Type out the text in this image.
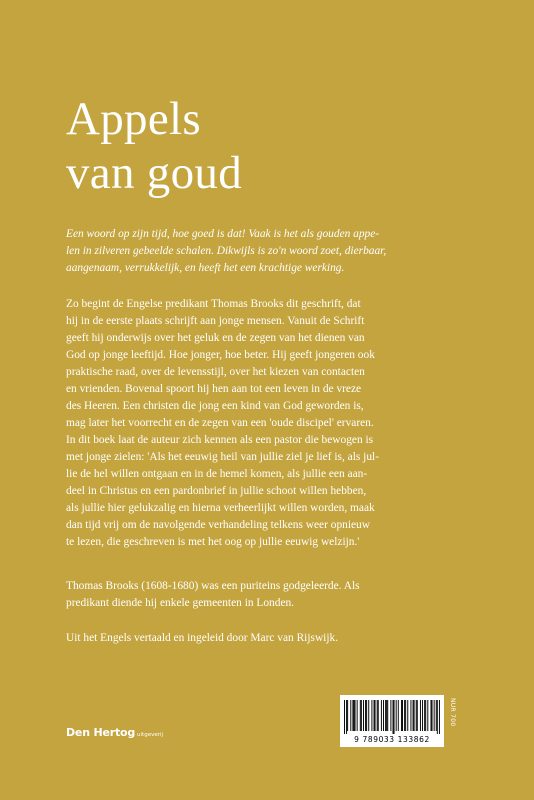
Appels
van goud
Een woord op zijn tijd, hoe goed is dat! Vaak is het als gouden appe-
len in zilveren gebeelde schalen. Dikwijls is zo'n woord zoet, dierbaar,
aangenaam, verrukkelijk, en heeft het een krachtige werking.
Zo begint de Engelse predikant Thomas Brooks dit geschrift, dat
hij in de eerste plaats schrijft aan jonge mensen. Vanuit de Schrift
geeft hij onderwijs over het geluk en de zegen van het dienen van
God op jonge leeftijd. Hoe jonger, hoe beter. Hij geeft jongeren ook
praktische raad, over de levensstijl, over het kiezen van contacten
en vrienden. Bovenal spoort hij hen aan tot een leven in de vreze
des Heeren. Een christen die jong een kind van God geworden is,
mag later het voorrecht en de zegen van een 'oude discipel' ervaren.
In dit boek laat de auteur zich kennen als een pastor die bewogen is
met jonge zielen: 'Als het eeuwig heil van jullie ziel je lief is, als jul-
lie de hel willen ontgaan en in de hemel komen, als jullie een aan-
deel in Christus en een pardonbrief in jullie schoot willen hebben,
als jullie hier gelukzalig en hierna verheerlijkt willen worden, maak
dan tijd vrij om de navolgende verhandeling telkens weer opnieuw
te lezen, die geschreven is met het oog op jullie eeuwig welzijn.'
Thomas Brooks (1608-1680) was een puriteins godgeleerde. Als
predikant diende hij enkele gemeenten in Londen.
Uit het Engels vertaald en ingeleid door Marc van Rijswijk.
Den Hertog uitgeverij	9 789033 133862
NUR 700
